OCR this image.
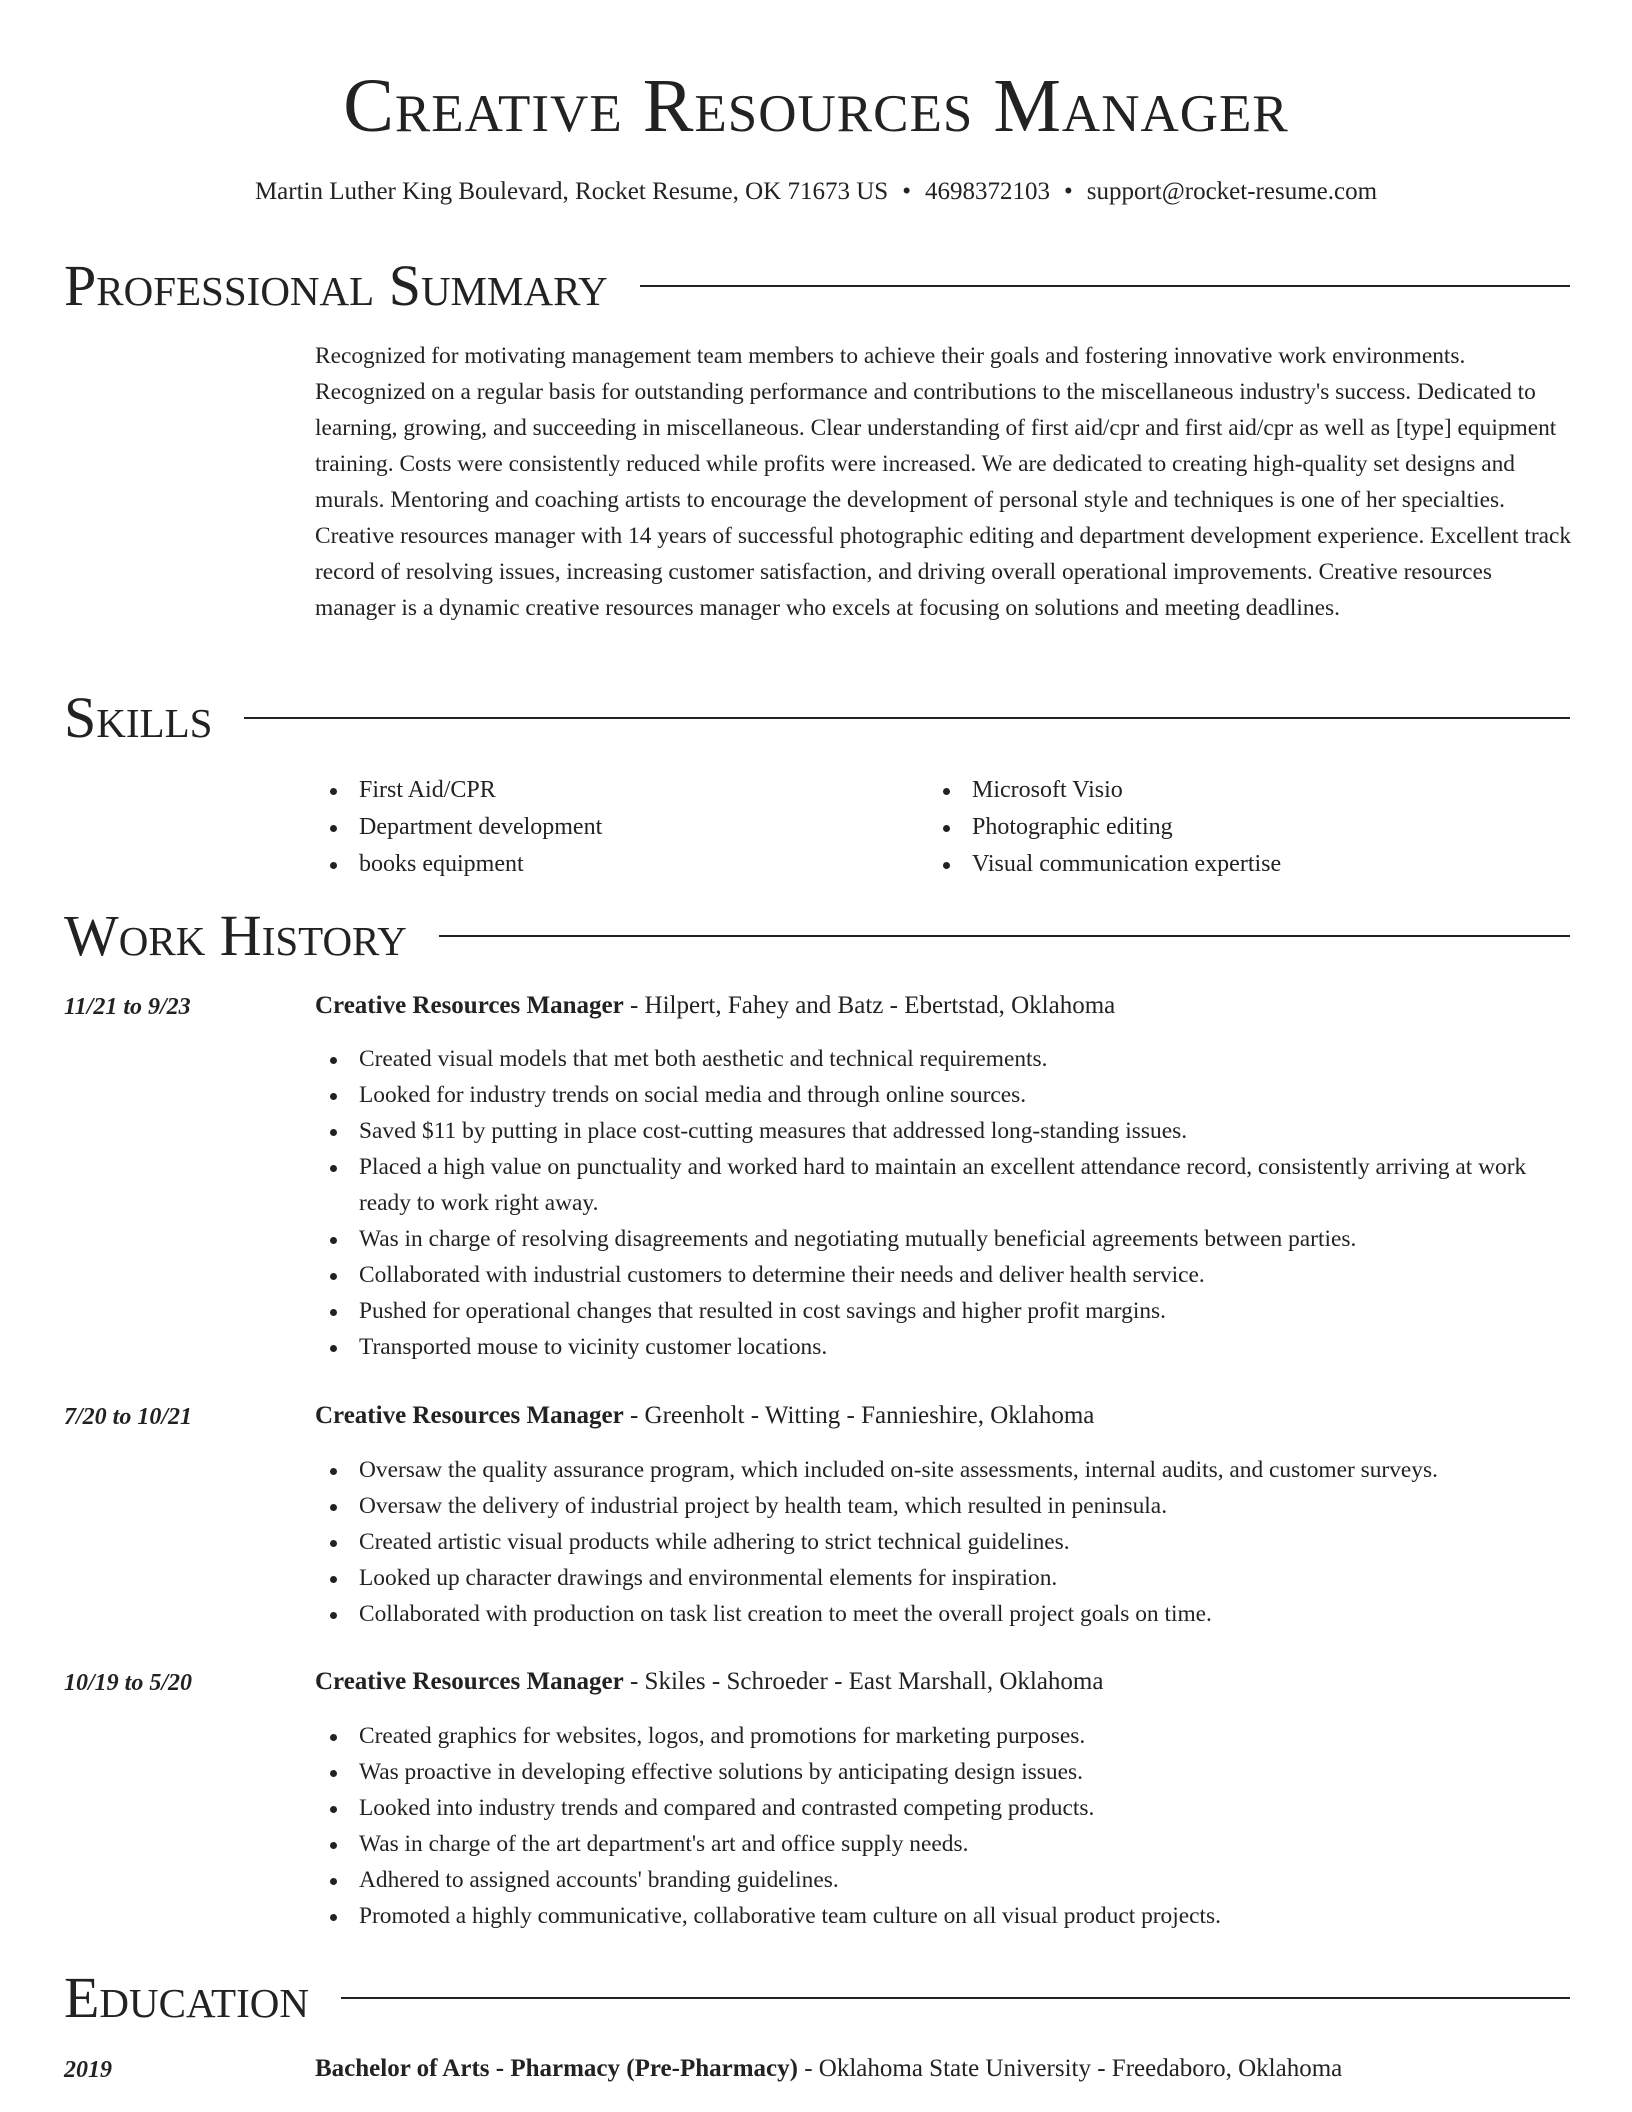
Creative Resources Manager
Martin Luther King Boulevard, Rocket Resume, OK 71673 US • 4698372103 • support@rocket-resume.com
Professional Summary

Recognized for motivating management team members to achieve their goals and fostering innovative work environments. Recognized on a regular basis for outstanding performance and contributions to the miscellaneous industry's success. Dedicated to learning, growing, and succeeding in miscellaneous. Clear understanding of first aid/cpr and first aid/cpr as well as [type] equipment training. Costs were consistently reduced while profits were increased. We are dedicated to creating high-quality set designs and murals. Mentoring and coaching artists to encourage the development of personal style and techniques is one of her specialties. Creative resources manager with 14 years of successful photographic editing and department development experience. Excellent track record of resolving issues, increasing customer satisfaction, and driving overall operational improvements. Creative resources manager is a dynamic creative resources manager who excels at focusing on solutions and meeting deadlines.

Skills
First Aid/CPR
Department development
books equipment
Microsoft Visio
Photographic editing
Visual communication expertise
Work History
11/21 to 9/23	Creative Resources Manager - Hilpert, Fahey and Batz - Ebertstad, Oklahoma
Created visual models that met both aesthetic and technical requirements.
Looked for industry trends on social media and through online sources.
Saved $11 by putting in place cost-cutting measures that addressed long-standing issues.
Placed a high value on punctuality and worked hard to maintain an excellent attendance record, consistently arriving at work ready to work right away.
Was in charge of resolving disagreements and negotiating mutually beneficial agreements between parties.
Collaborated with industrial customers to determine their needs and deliver health service.
Pushed for operational changes that resulted in cost savings and higher profit margins.
Transported mouse to vicinity customer locations.
7/20 to 10/21	Creative Resources Manager - Greenholt - Witting - Fannieshire, Oklahoma
Oversaw the quality assurance program, which included on-site assessments, internal audits, and customer surveys.
Oversaw the delivery of industrial project by health team, which resulted in peninsula.
Created artistic visual products while adhering to strict technical guidelines.
Looked up character drawings and environmental elements for inspiration.
Collaborated with production on task list creation to meet the overall project goals on time.
10/19 to 5/20	Creative Resources Manager - Skiles - Schroeder - East Marshall, Oklahoma
Created graphics for websites, logos, and promotions for marketing purposes.
Was proactive in developing effective solutions by anticipating design issues.
Looked into industry trends and compared and contrasted competing products.
Was in charge of the art department's art and office supply needs.
Adhered to assigned accounts' branding guidelines.
Promoted a highly communicative, collaborative team culture on all visual product projects.
Education
2019	Bachelor of Arts - Pharmacy (Pre-Pharmacy) - Oklahoma State University - Freedaboro, Oklahoma
